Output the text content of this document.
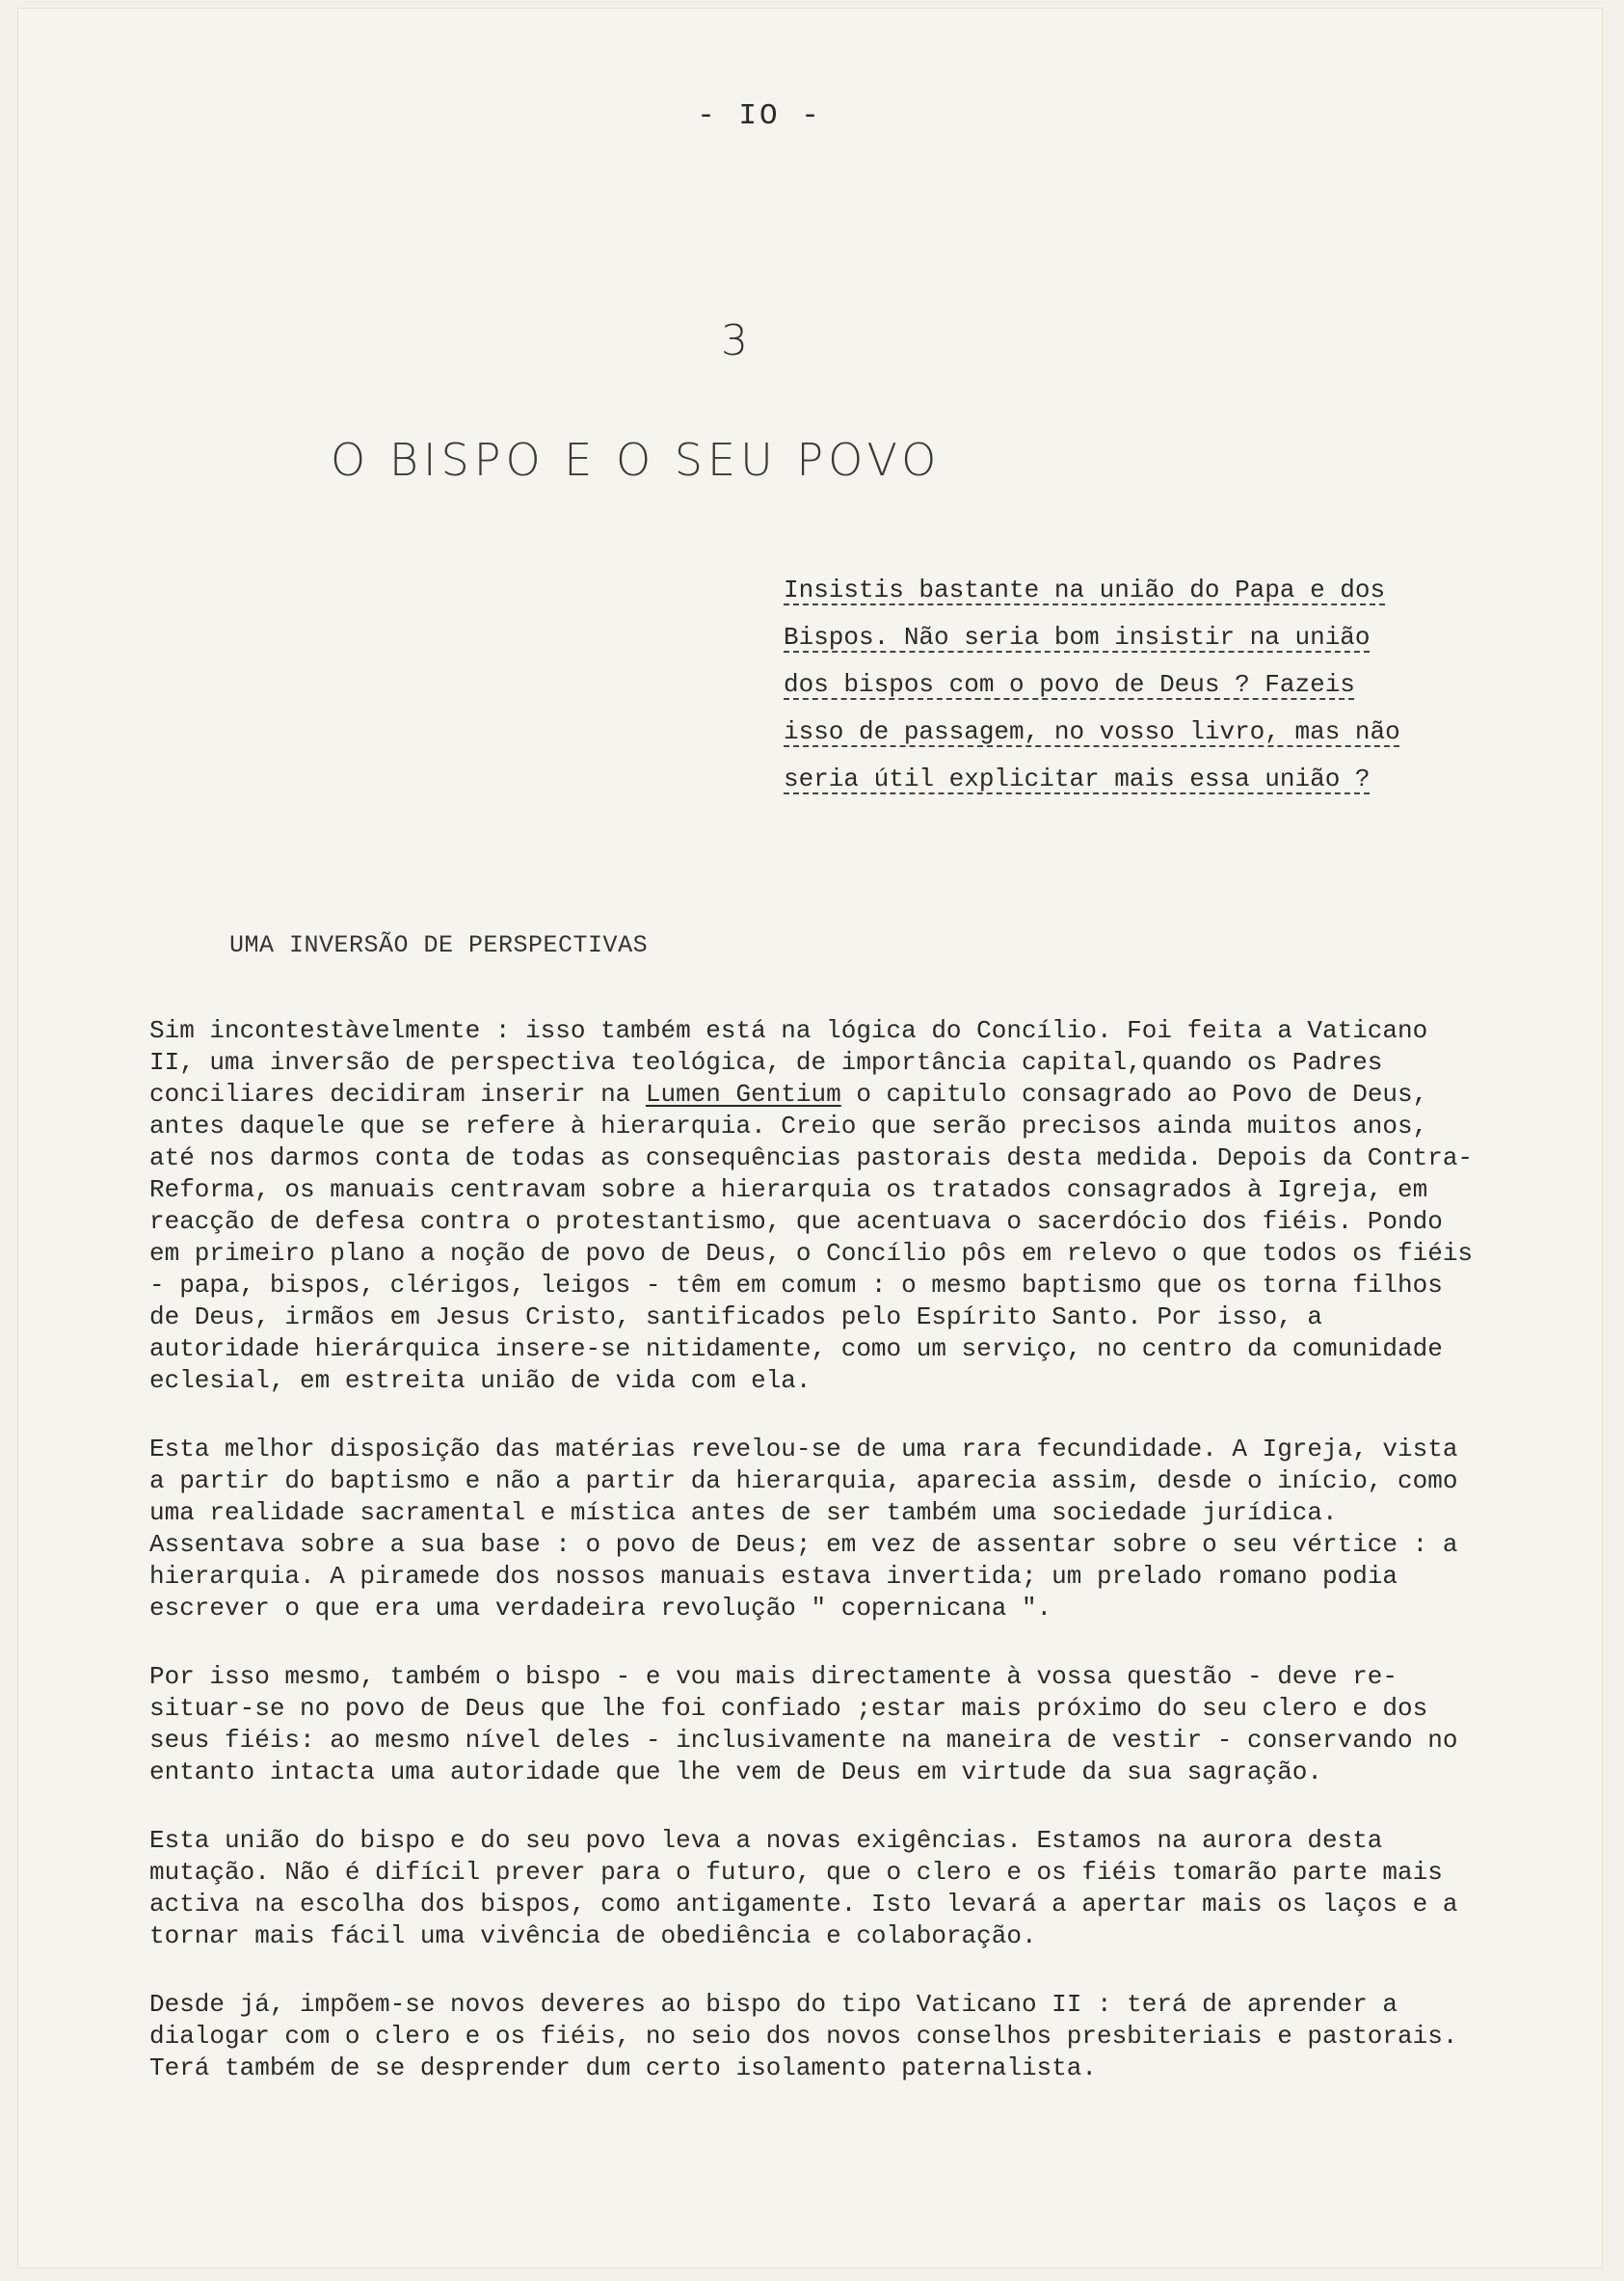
- IO -
3
O BISPO E O SEU POVO
Insistis bastante na união do Papa e dos
Bispos. Não seria bom insistir na união
dos bispos com o povo de Deus ? Fazeis
isso de passagem, no vosso livro, mas não
seria útil explicitar mais essa união ?
UMA INVERSÃO DE PERSPECTIVAS

Sim incontestàvelmente : isso também está na lógica do Concílio. Foi feita a Vaticano II, uma inversão de perspectiva teológica, de importância capital,quando os Padres conciliares decidiram inserir na Lumen Gentium o capitulo consagrado ao Povo de Deus, antes daquele que se refere à hierarquia. Creio que serão precisos ainda muitos anos, até nos darmos conta de todas as consequências pastorais desta medida. Depois da Contra-Reforma, os manuais centravam sobre a hierarquia os tratados consagrados à Igreja, em reacção de defesa contra o protestantismo, que acentuava o sacerdócio dos fiéis. Pondo em primeiro plano a noção de povo de Deus, o Concílio pôs em relevo o que todos os fiéis - papa, bispos, clérigos, leigos - têm em comum : o mesmo baptismo que os torna filhos de Deus, irmãos em Jesus Cristo, santificados pelo Espírito Santo. Por isso, a autoridade hierárquica insere-se nitidamente, como um serviço, no centro da comunidade eclesial, em estreita união de vida com ela.

Esta melhor disposição das matérias revelou-se de uma rara fecundidade. A Igreja, vista a partir do baptismo e não a partir da hierarquia, aparecia assim, desde o início, como uma realidade sacramental e mística antes de ser também uma sociedade jurídica. Assentava sobre a sua base : o povo de Deus; em vez de assentar sobre o seu vértice : a hierarquia. A piramede dos nossos manuais estava invertida; um prelado romano podia escrever o que era uma verdadeira revolução " copernicana ".

Por isso mesmo, também o bispo - e vou mais directamente à vossa questão - deve re-situar-se no povo de Deus que lhe foi confiado ;estar mais próximo do seu clero e dos seus fiéis: ao mesmo nível deles - inclusivamente na maneira de vestir - conservando no entanto intacta uma autoridade que lhe vem de Deus em virtude da sua sagração.

Esta união do bispo e do seu povo leva a novas exigências. Estamos na aurora desta mutação. Não é difícil prever para o futuro, que o clero e os fiéis tomarão parte mais activa na escolha dos bispos, como antigamente. Isto levará a apertar mais os laços e a tornar mais fácil uma vivência de obediência e colaboração.

Desde já, impõem-se novos deveres ao bispo do tipo Vaticano II : terá de aprender a dialogar com o clero e os fiéis, no seio dos novos conselhos presbiteriais e pastorais. Terá também de se desprender dum certo isolamento paternalista.
